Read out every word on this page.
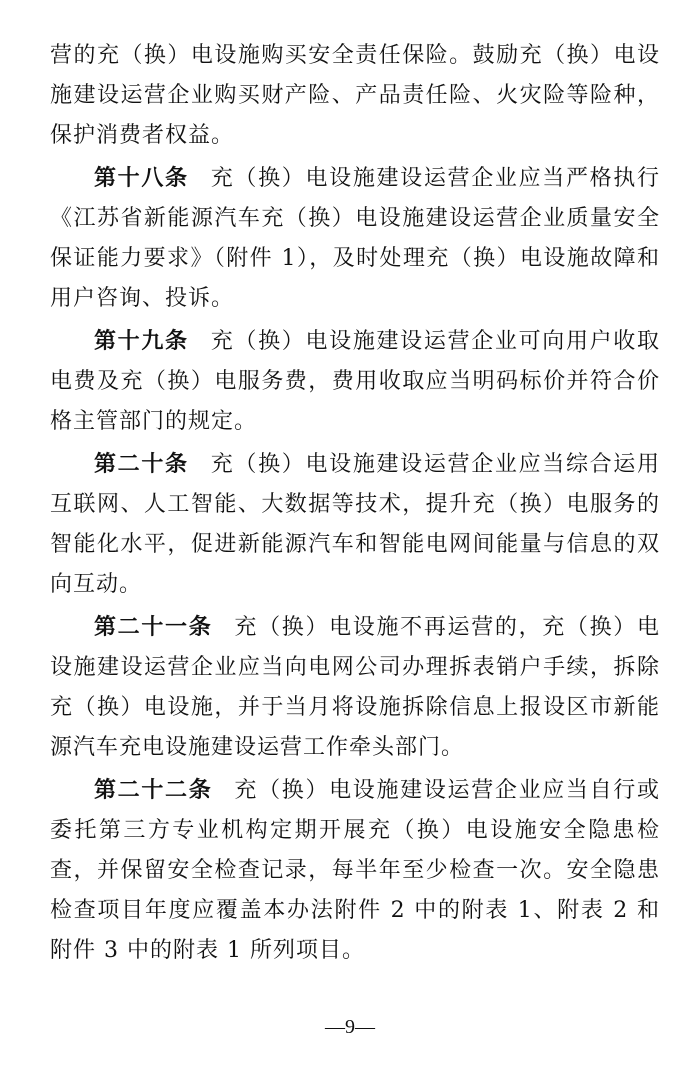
营的充（换）电设施购买安全责任保险。鼓励充（换）电设施建设运营企业购买财产险、产品责任险、火灾险等险种，保护消费者权益。

第十八条 充（换）电设施建设运营企业应当严格执行《江苏省新能源汽车充（换）电设施建设运营企业质量安全保证能力要求》（附件 1），及时处理充（换）电设施故障和用户咨询、投诉。

第十九条 充（换）电设施建设运营企业可向用户收取电费及充（换）电服务费，费用收取应当明码标价并符合价格主管部门的规定。

第二十条 充（换）电设施建设运营企业应当综合运用互联网、人工智能、大数据等技术，提升充（换）电服务的智能化水平，促进新能源汽车和智能电网间能量与信息的双向互动。

第二十一条 充（换）电设施不再运营的，充（换）电设施建设运营企业应当向电网公司办理拆表销户手续，拆除充（换）电设施，并于当月将设施拆除信息上报设区市新能源汽车充电设施建设运营工作牵头部门。

第二十二条 充（换）电设施建设运营企业应当自行或委托第三方专业机构定期开展充（换）电设施安全隐患检查，并保留安全检查记录，每半年至少检查一次。安全隐患检查项目年度应覆盖本办法附件 2 中的附表 1、附表 2 和附件 3 中的附表 1 所列项目。

—9—
